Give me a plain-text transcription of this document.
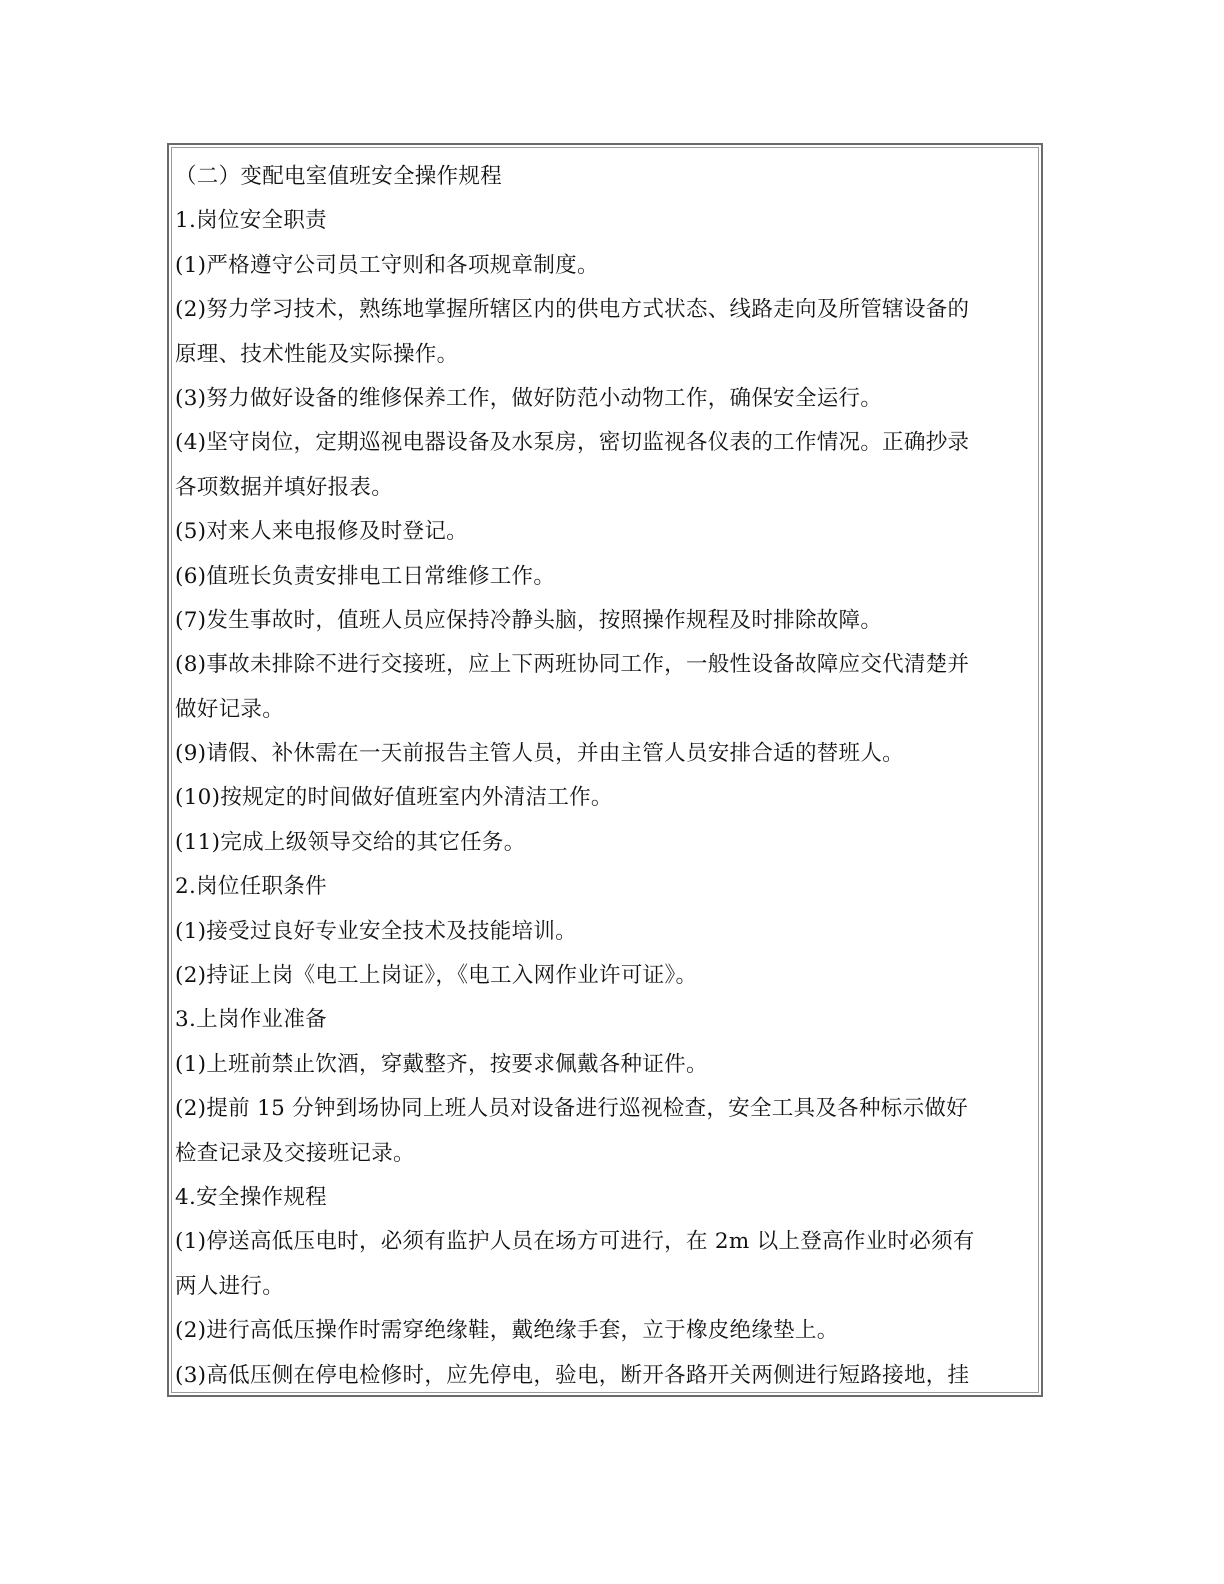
（二）变配电室值班安全操作规程
1.岗位安全职责
(1)严格遵守公司员工守则和各项规章制度。
(2)努力学习技术，熟练地掌握所辖区内的供电方式状态、线路走向及所管辖设备的
原理、技术性能及实际操作。
(3)努力做好设备的维修保养工作，做好防范小动物工作，确保安全运行。
(4)坚守岗位，定期巡视电器设备及水泵房，密切监视各仪表的工作情况。正确抄录
各项数据并填好报表。
(5)对来人来电报修及时登记。
(6)值班长负责安排电工日常维修工作。
(7)发生事故时，值班人员应保持冷静头脑，按照操作规程及时排除故障。
(8)事故未排除不进行交接班，应上下两班协同工作，一般性设备故障应交代清楚并
做好记录。
(9)请假、补休需在一天前报告主管人员，并由主管人员安排合适的替班人。
(10)按规定的时间做好值班室内外清洁工作。
(11)完成上级领导交给的其它任务。
2.岗位任职条件
(1)接受过良好专业安全技术及技能培训。
(2)持证上岗《电工上岗证》，《电工入网作业许可证》。
3.上岗作业准备
(1)上班前禁止饮酒，穿戴整齐，按要求佩戴各种证件。
(2)提前 15 分钟到场协同上班人员对设备进行巡视检查，安全工具及各种标示做好
检查记录及交接班记录。
4.安全操作规程
(1)停送高低压电时，必须有监护人员在场方可进行，在 2m 以上登高作业时必须有
两人进行。
(2)进行高低压操作时需穿绝缘鞋，戴绝缘手套，立于橡皮绝缘垫上。
(3)高低压侧在停电检修时，应先停电，验电，断开各路开关两侧进行短路接地，挂
